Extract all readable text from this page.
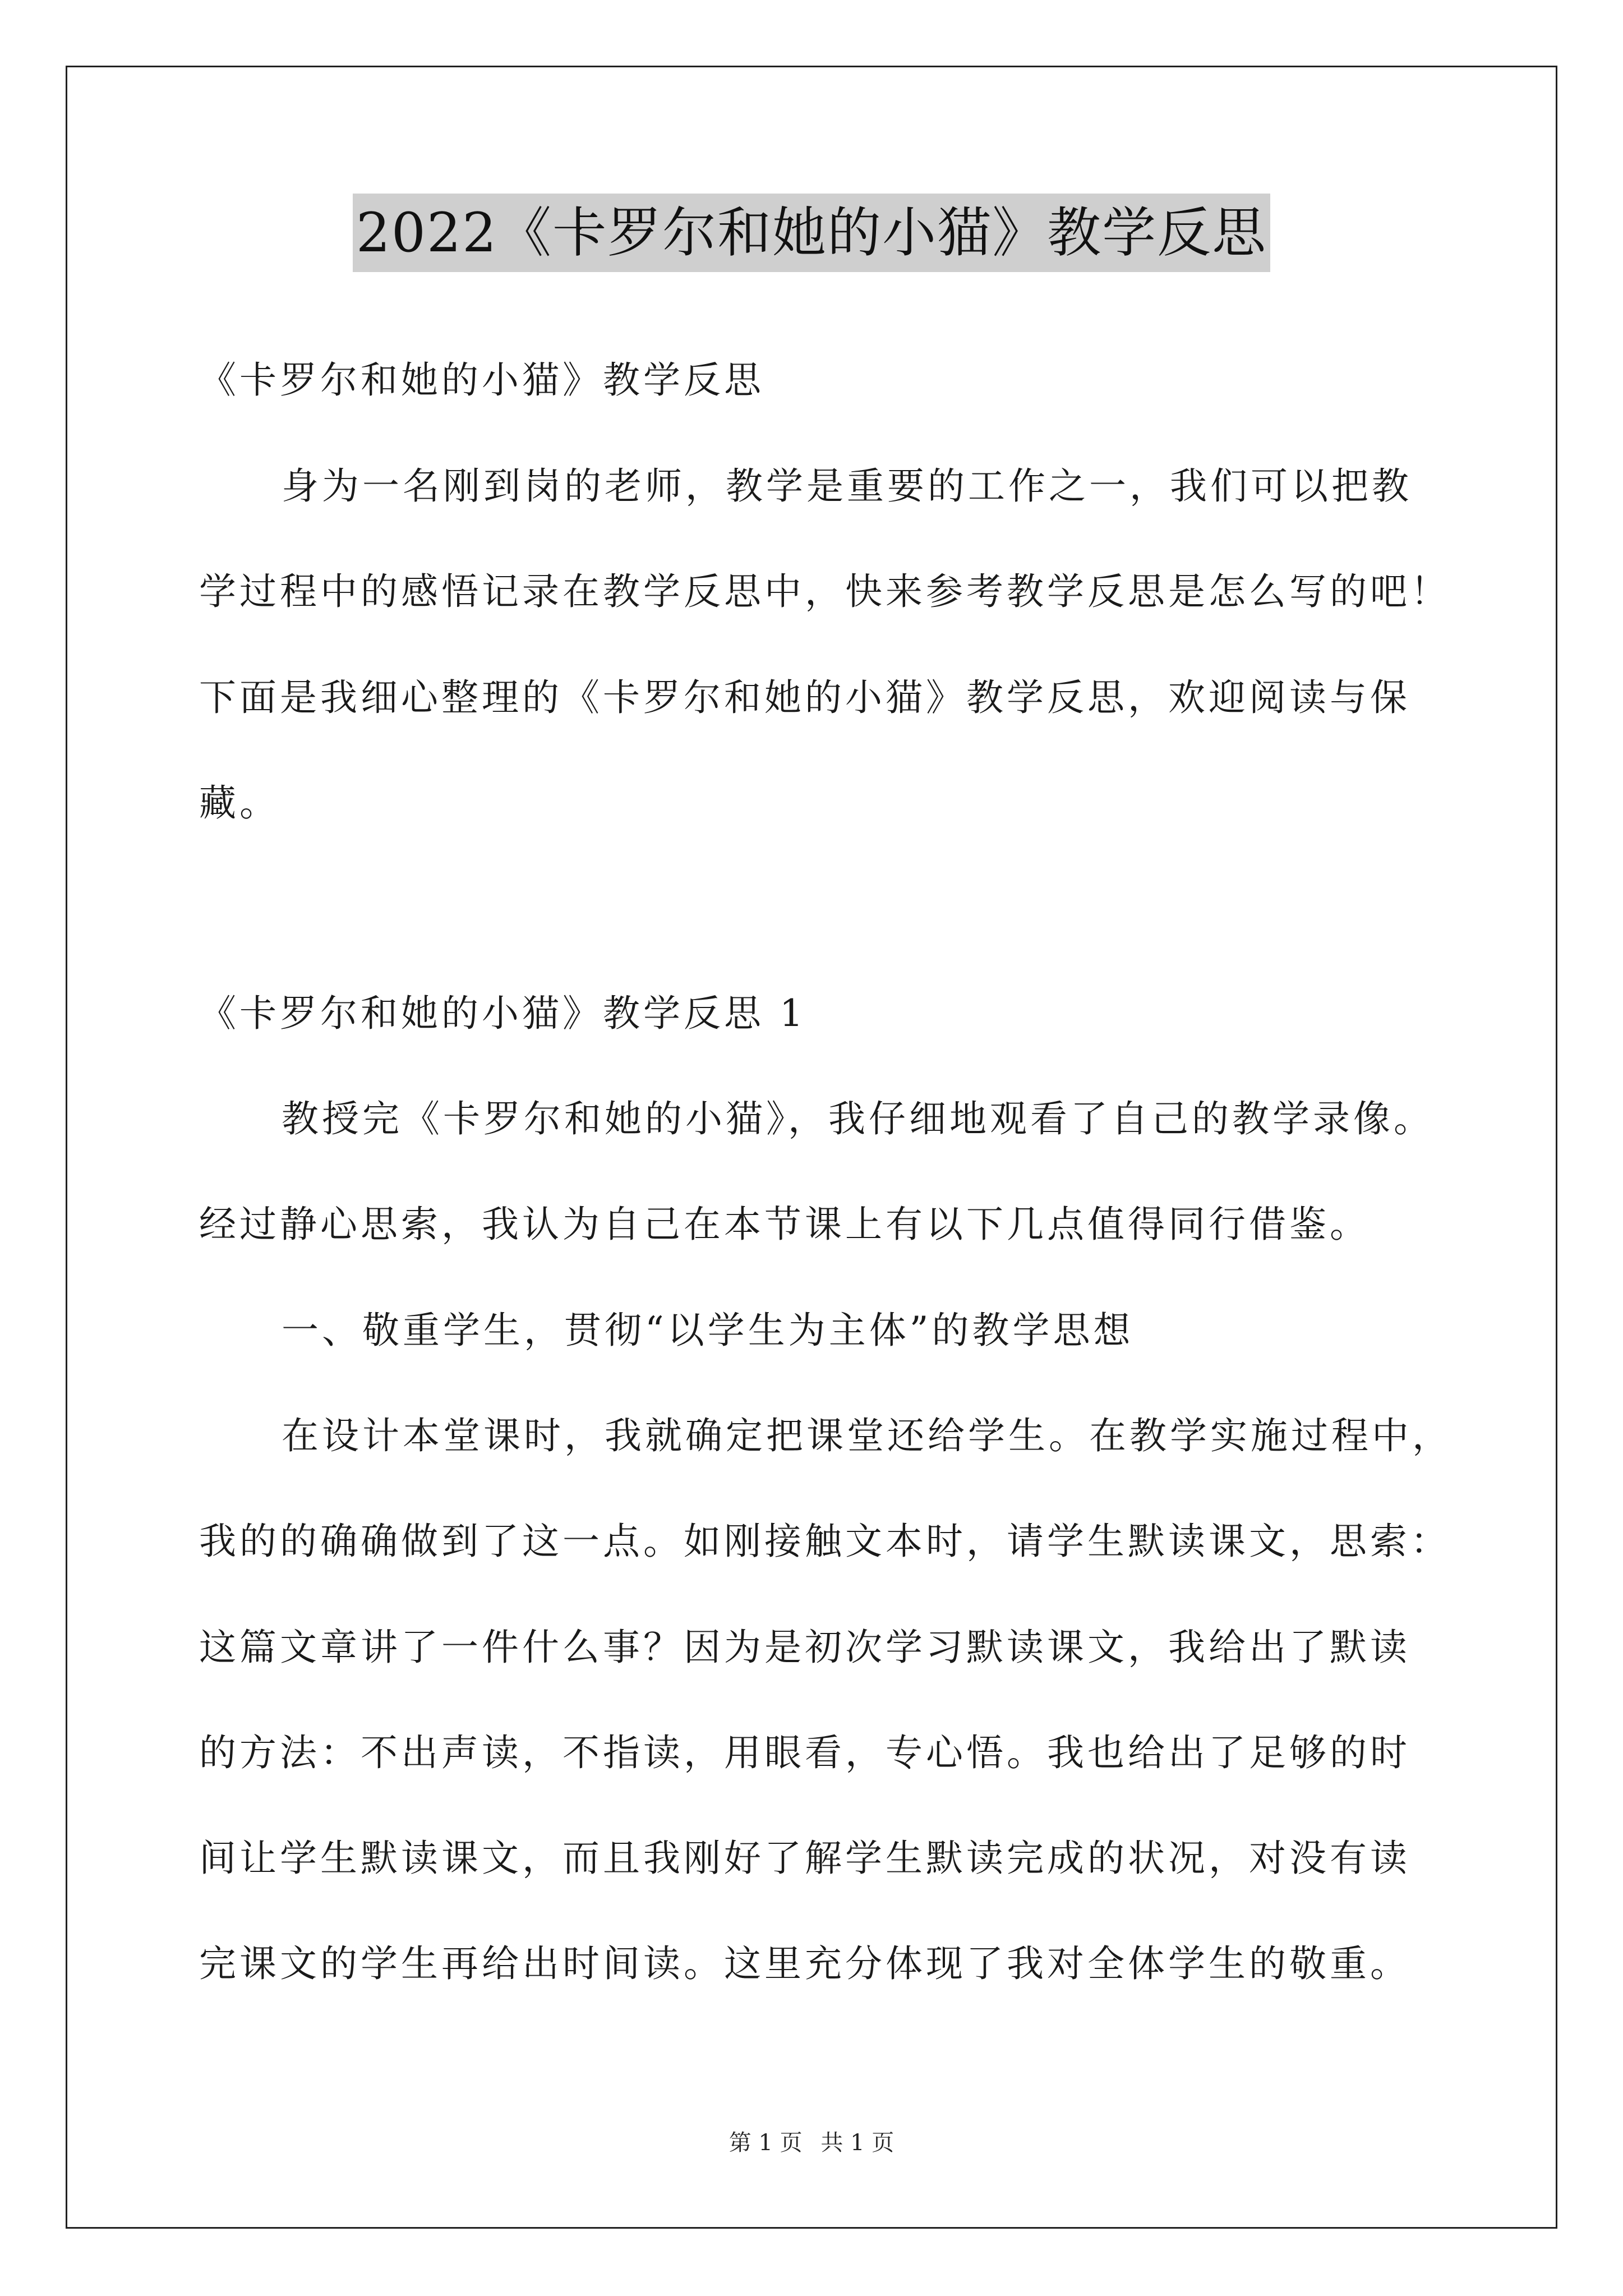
2022《卡罗尔和她的小猫》教学反思
《卡罗尔和她的小猫》教学反思
身为一名刚到岗的老师，教学是重要的工作之一，我们可以把教
学过程中的感悟记录在教学反思中，快来参考教学反思是怎么写的吧！
下面是我细心整理的《卡罗尔和她的小猫》教学反思，欢迎阅读与保
藏。
《卡罗尔和她的小猫》教学反思 1
教授完《卡罗尔和她的小猫》，我仔细地观看了自己的教学录像。
经过静心思索，我认为自己在本节课上有以下几点值得同行借鉴。
一、敬重学生，贯彻“以学生为主体”的教学思想
在设计本堂课时，我就确定把课堂还给学生。在教学实施过程中，
我的的确确做到了这一点。如刚接触文本时，请学生默读课文，思索：
这篇文章讲了一件什么事？因为是初次学习默读课文，我给出了默读
的方法：不出声读，不指读，用眼看，专心悟。我也给出了足够的时
间让学生默读课文，而且我刚好了解学生默读完成的状况，对没有读
完课文的学生再给出时间读。这里充分体现了我对全体学生的敬重。
第 1 页 共 1 页
